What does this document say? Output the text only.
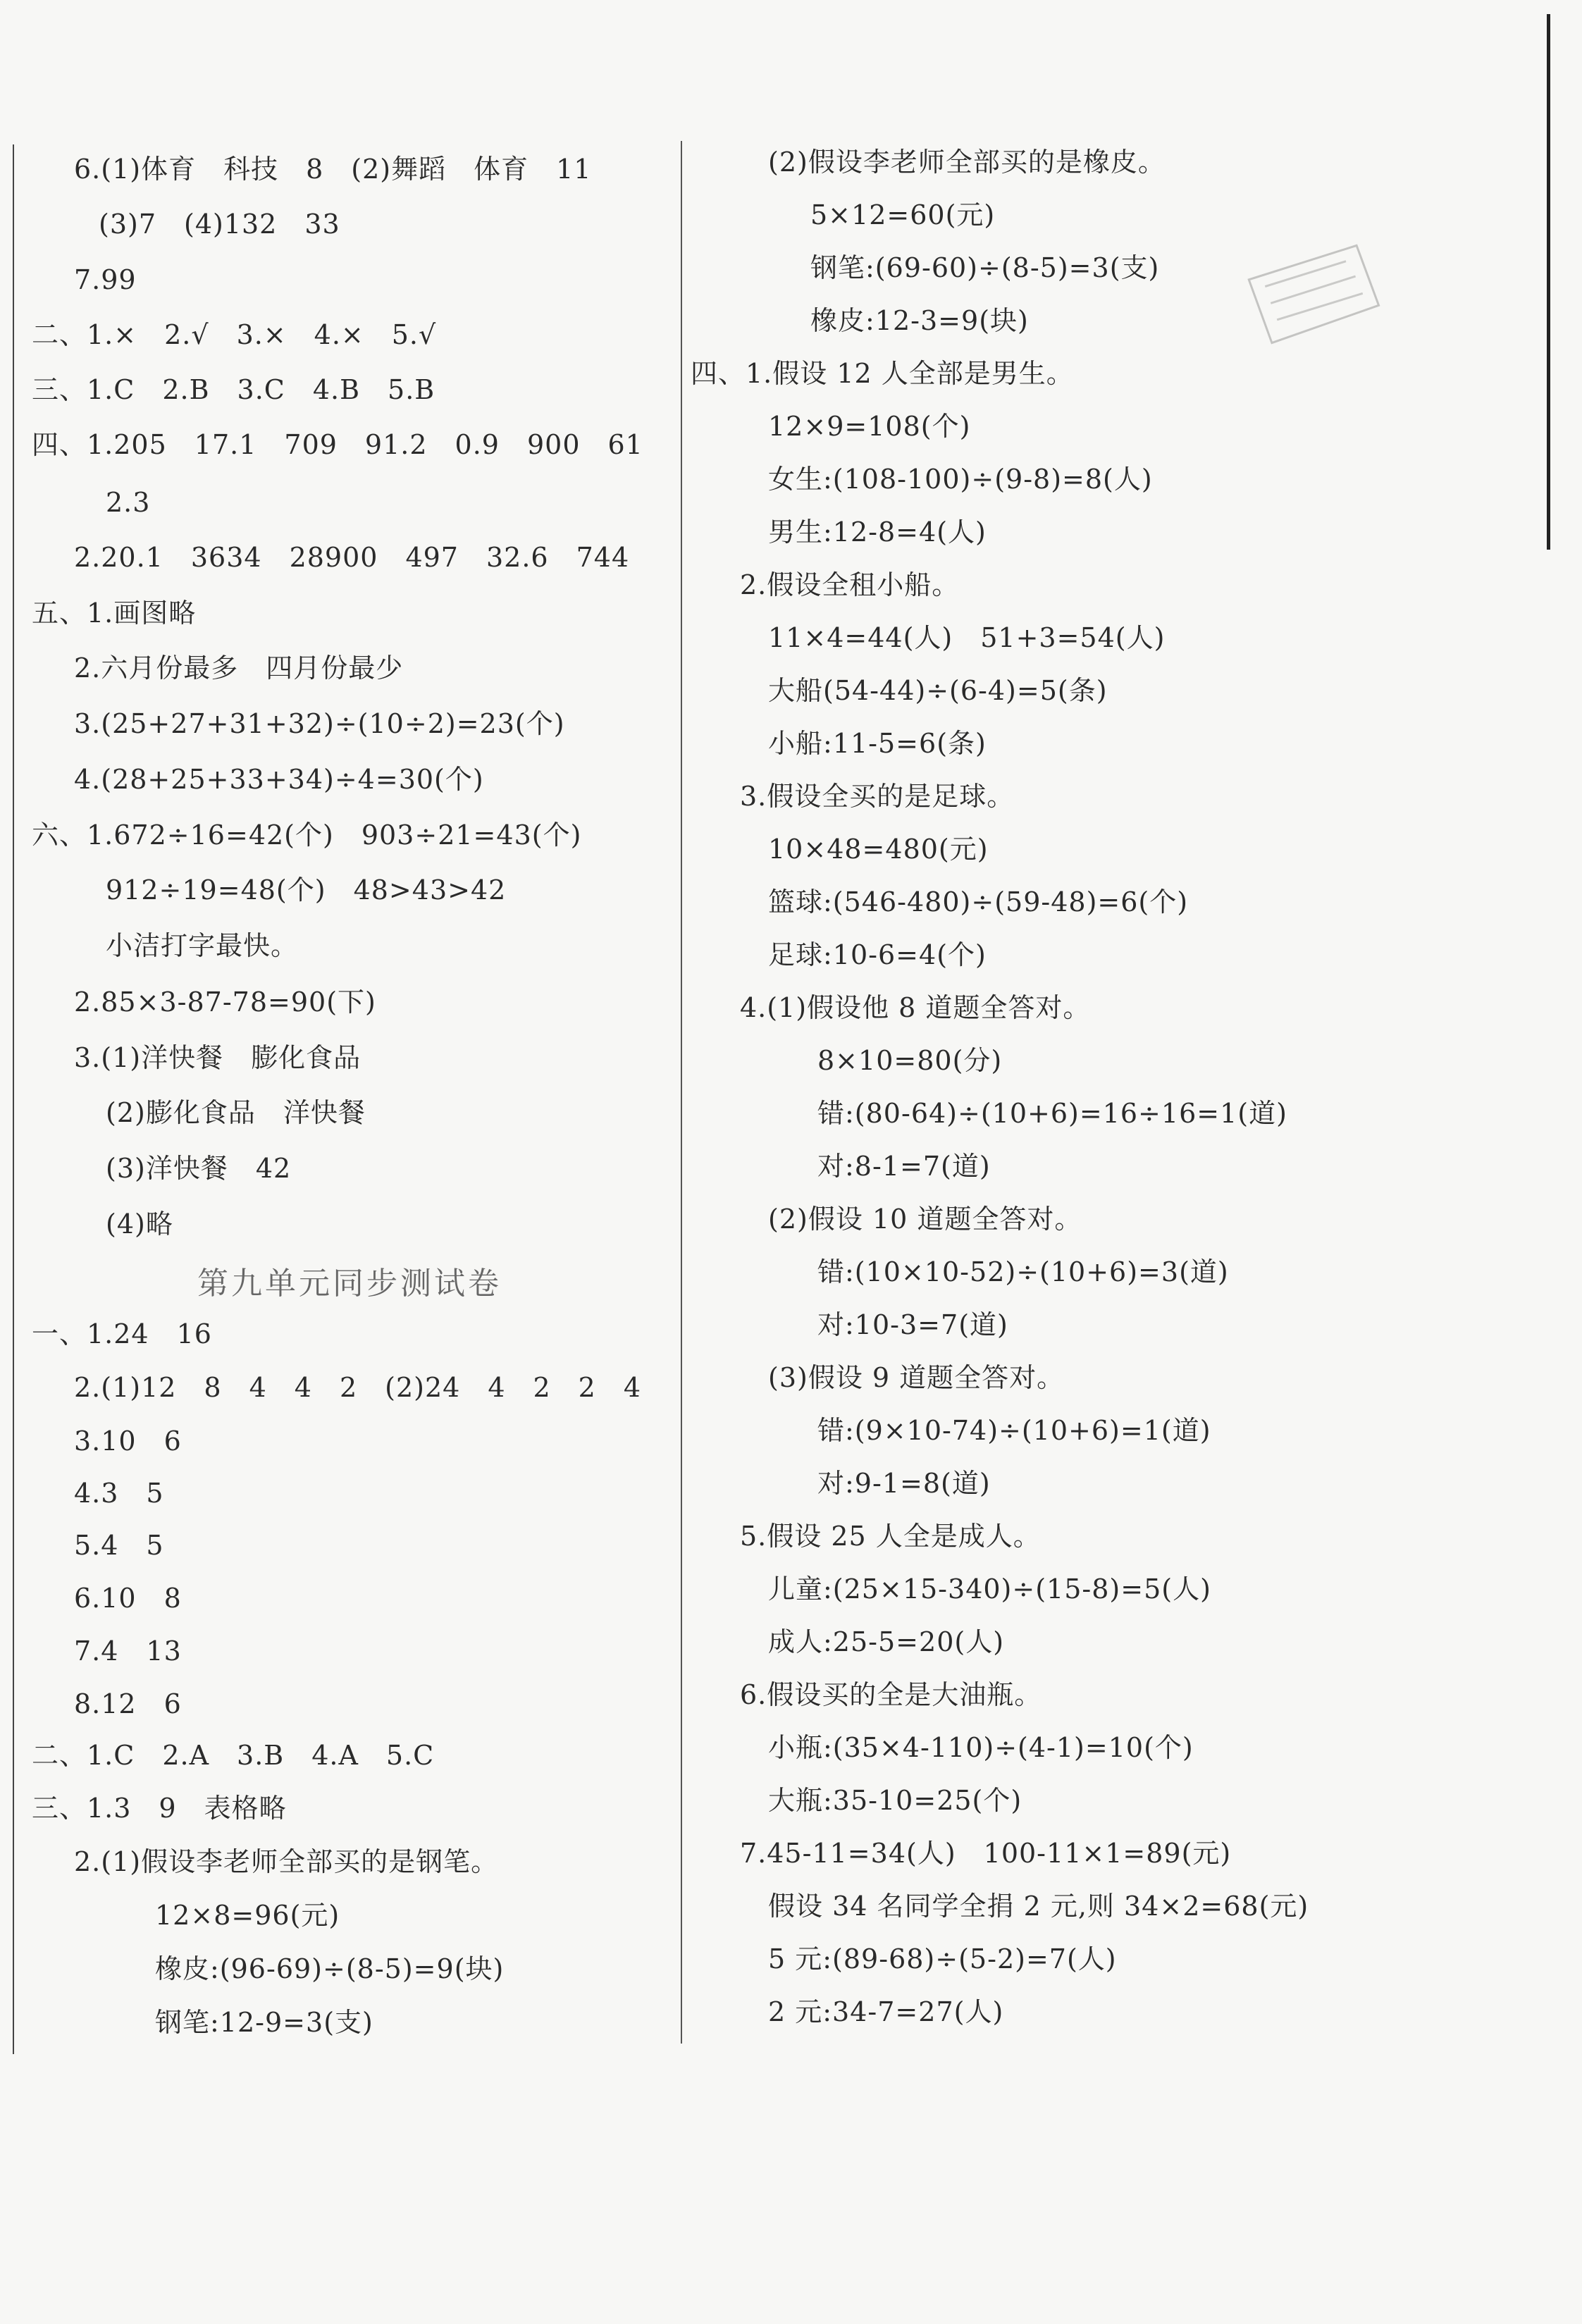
第九单元同步测试卷
6.(1)体育　科技　8　(2)舞蹈　体育　11
(3)7　(4)132　33
7.99
二、1.×　2.√　3.×　4.×　5.√
三、1.C　2.B　3.C　4.B　5.B
四、1.205　17.1　709　91.2　0.9　900　61
2.3
2.20.1　3634　28900　497　32.6　744
五、1.画图略
2.六月份最多　四月份最少
3.(25+27+31+32)÷(10÷2)=23(个)
4.(28+25+33+34)÷4=30(个)
六、1.672÷16=42(个)　903÷21=43(个)
912÷19=48(个)　48>43>42
小洁打字最快。
2.85×3-87-78=90(下)
3.(1)洋快餐　膨化食品
(2)膨化食品　洋快餐
(3)洋快餐　42
(4)略
一、1.24　16
2.(1)12　8　4　4　2　(2)24　4　2　2　4
3.10　6
4.3　5
5.4　5
6.10　8
7.4　13
8.12　6
二、1.C　2.A　3.B　4.A　5.C
三、1.3　9　表格略
2.(1)假设李老师全部买的是钢笔。
12×8=96(元)
橡皮:(96-69)÷(8-5)=9(块)
钢笔:12-9=3(支)
(2)假设李老师全部买的是橡皮。
5×12=60(元)
钢笔:(69-60)÷(8-5)=3(支)
橡皮:12-3=9(块)
四、1.假设 12 人全部是男生。
12×9=108(个)
女生:(108-100)÷(9-8)=8(人)
男生:12-8=4(人)
2.假设全租小船。
11×4=44(人)　51+3=54(人)
大船(54-44)÷(6-4)=5(条)
小船:11-5=6(条)
3.假设全买的是足球。
10×48=480(元)
篮球:(546-480)÷(59-48)=6(个)
足球:10-6=4(个)
4.(1)假设他 8 道题全答对。
8×10=80(分)
错:(80-64)÷(10+6)=16÷16=1(道)
对:8-1=7(道)
(2)假设 10 道题全答对。
错:(10×10-52)÷(10+6)=3(道)
对:10-3=7(道)
(3)假设 9 道题全答对。
错:(9×10-74)÷(10+6)=1(道)
对:9-1=8(道)
5.假设 25 人全是成人。
儿童:(25×15-340)÷(15-8)=5(人)
成人:25-5=20(人)
6.假设买的全是大油瓶。
小瓶:(35×4-110)÷(4-1)=10(个)
大瓶:35-10=25(个)
7.45-11=34(人)　100-11×1=89(元)
假设 34 名同学全捐 2 元,则 34×2=68(元)
5 元:(89-68)÷(5-2)=7(人)
2 元:34-7=27(人)
